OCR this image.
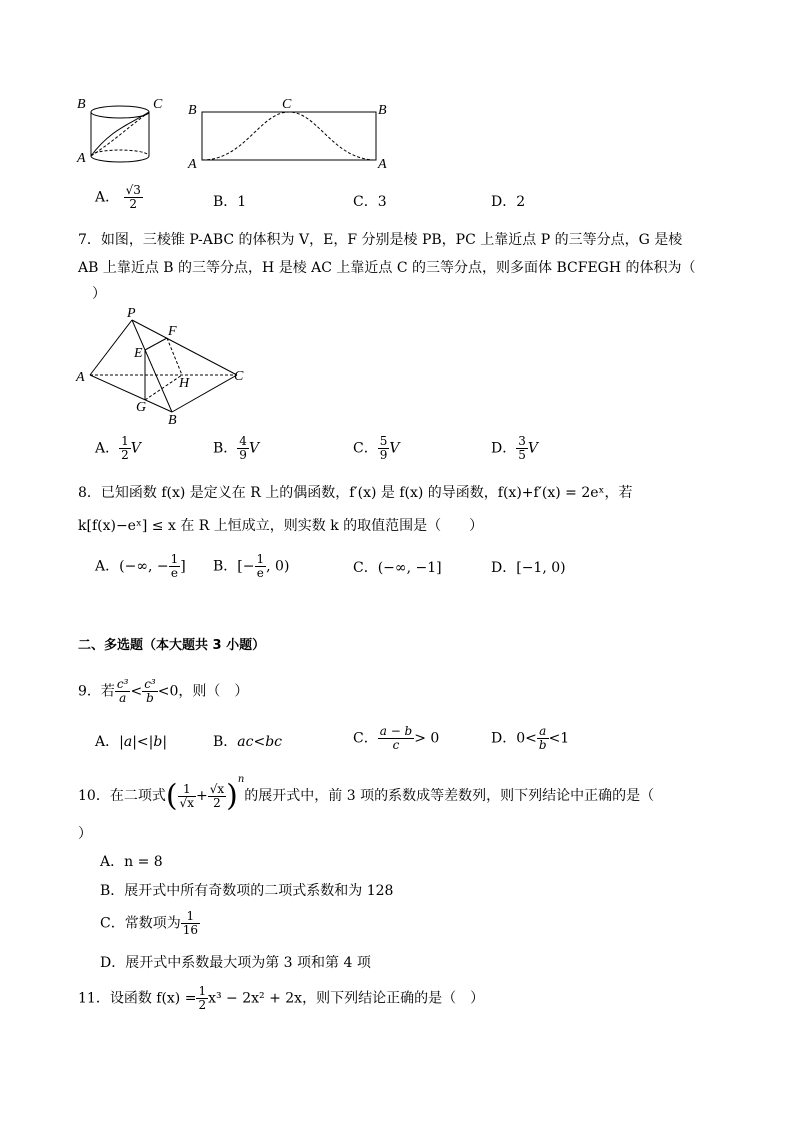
B	C
A
B	C	B
A	A
A． $\frac{√3}{2}$	B．1	C．3	D．2
7．如图，三棱锥 P-ABC 的体积为 V，E，F 分别是棱 PB，PC 上靠近点 P 的三等分点，G 是棱
AB 上靠近点 B 的三等分点，H 是棱 AC 上靠近点 C 的三等分点，则多面体 BCFEGH 的体积为（
）
P
F
E
A	H	C
G
B
A． $\frac{1}{2}$ V	B． $\frac{4}{9}$ V	C． $\frac{5}{9}$ V	D． $\frac{3}{5}$ V
8．已知函数 f(x) 是定义在 R 上的偶函数，f′(x) 是 f(x) 的导函数，f(x)+f′(x) = 2eˣ，若
k[f(x)−eˣ] ≤ x 在 R 上恒成立，则实数 k 的取值范围是（　　）
A．(−∞, − $\frac{1}{e}$ ] B．[− $\frac{1}{e}$ , 0)	C．(−∞, −1]	D．[−1, 0)
二、多选题（本大题共 3 小题）
9．若 $\frac{\text{c³}}{a} < \frac{\text{c³}}{b} <0$，则（　）
A．|a|<|b|	B．ac<bc	C． $\frac{a - b}{c} > 0$	D．$0< \frac{a}{b} <1$
10．在二项式( $\frac{1}{√x} + \frac{√x}{2} )^n$的展开式中，前 3 项的系数成等差数列，则下列结论中正确的是（
）
A．n = 8
B．展开式中所有奇数项的二项式系数和为 128
C．常数项为 $\frac{1}{16}$
D．展开式中系数最大项为第 3 项和第 4 项
11．设函数 $f(x) = \frac{1}{2} x^3 - 2x^2 + 2x$，则下列结论正确的是（　）
